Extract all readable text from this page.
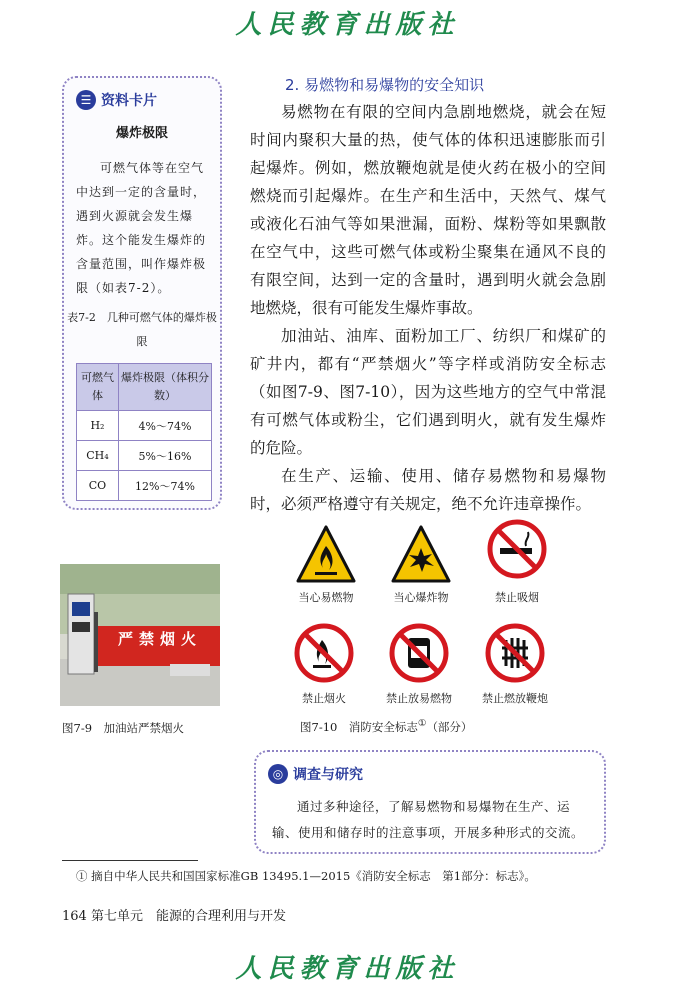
人民教育出版社
☰ 资料卡片
爆炸极限
可燃气体等在空气中达到一定的含量时，遇到火源就会发生爆炸。这个能发生爆炸的含量范围，叫作爆炸极限（如表7-2）。
表7-2　几种可燃气体的爆炸极限
可燃气体	爆炸极限（体积分数）
H₂	4%～74%
CH₄	5%～16%
CO	12%～74%
2. 易燃物和易爆物的安全知识

易燃物在有限的空间内急剧地燃烧，就会在短时间内聚积大量的热，使气体的体积迅速膨胀而引起爆炸。例如，燃放鞭炮就是使火药在极小的空间燃烧而引起爆炸。在生产和生活中，天然气、煤气或液化石油气等如果泄漏，面粉、煤粉等如果飘散在空气中，这些可燃气体或粉尘聚集在通风不良的有限空间，达到一定的含量时，遇到明火就会急剧地燃烧，很有可能发生爆炸事故。

加油站、油库、面粉加工厂、纺织厂和煤矿的矿井内，都有“严禁烟火”等字样或消防安全标志（如图7-9、图7-10），因为这些地方的空气中常混有可燃气体或粉尘，它们遇到明火，就有发生爆炸的危险。

在生产、运输、使用、储存易燃物和易爆物时，必须严格遵守有关规定，绝不允许违章操作。

严禁烟火
图7-9　加油站严禁烟火
当心易燃物	当心爆炸物	禁止吸烟
禁止烟火	禁止放易燃物	禁止燃放鞭炮
图7-10　消防安全标志①（部分）
◎ 调查与研究
通过多种途径，了解易燃物和易爆物在生产、运输、使用和储存时的注意事项，开展多种形式的交流。
① 摘自中华人民共和国国家标准GB 13495.1—2015《消防安全标志　第1部分：标志》。
164 第七单元　能源的合理利用与开发
人民教育出版社
